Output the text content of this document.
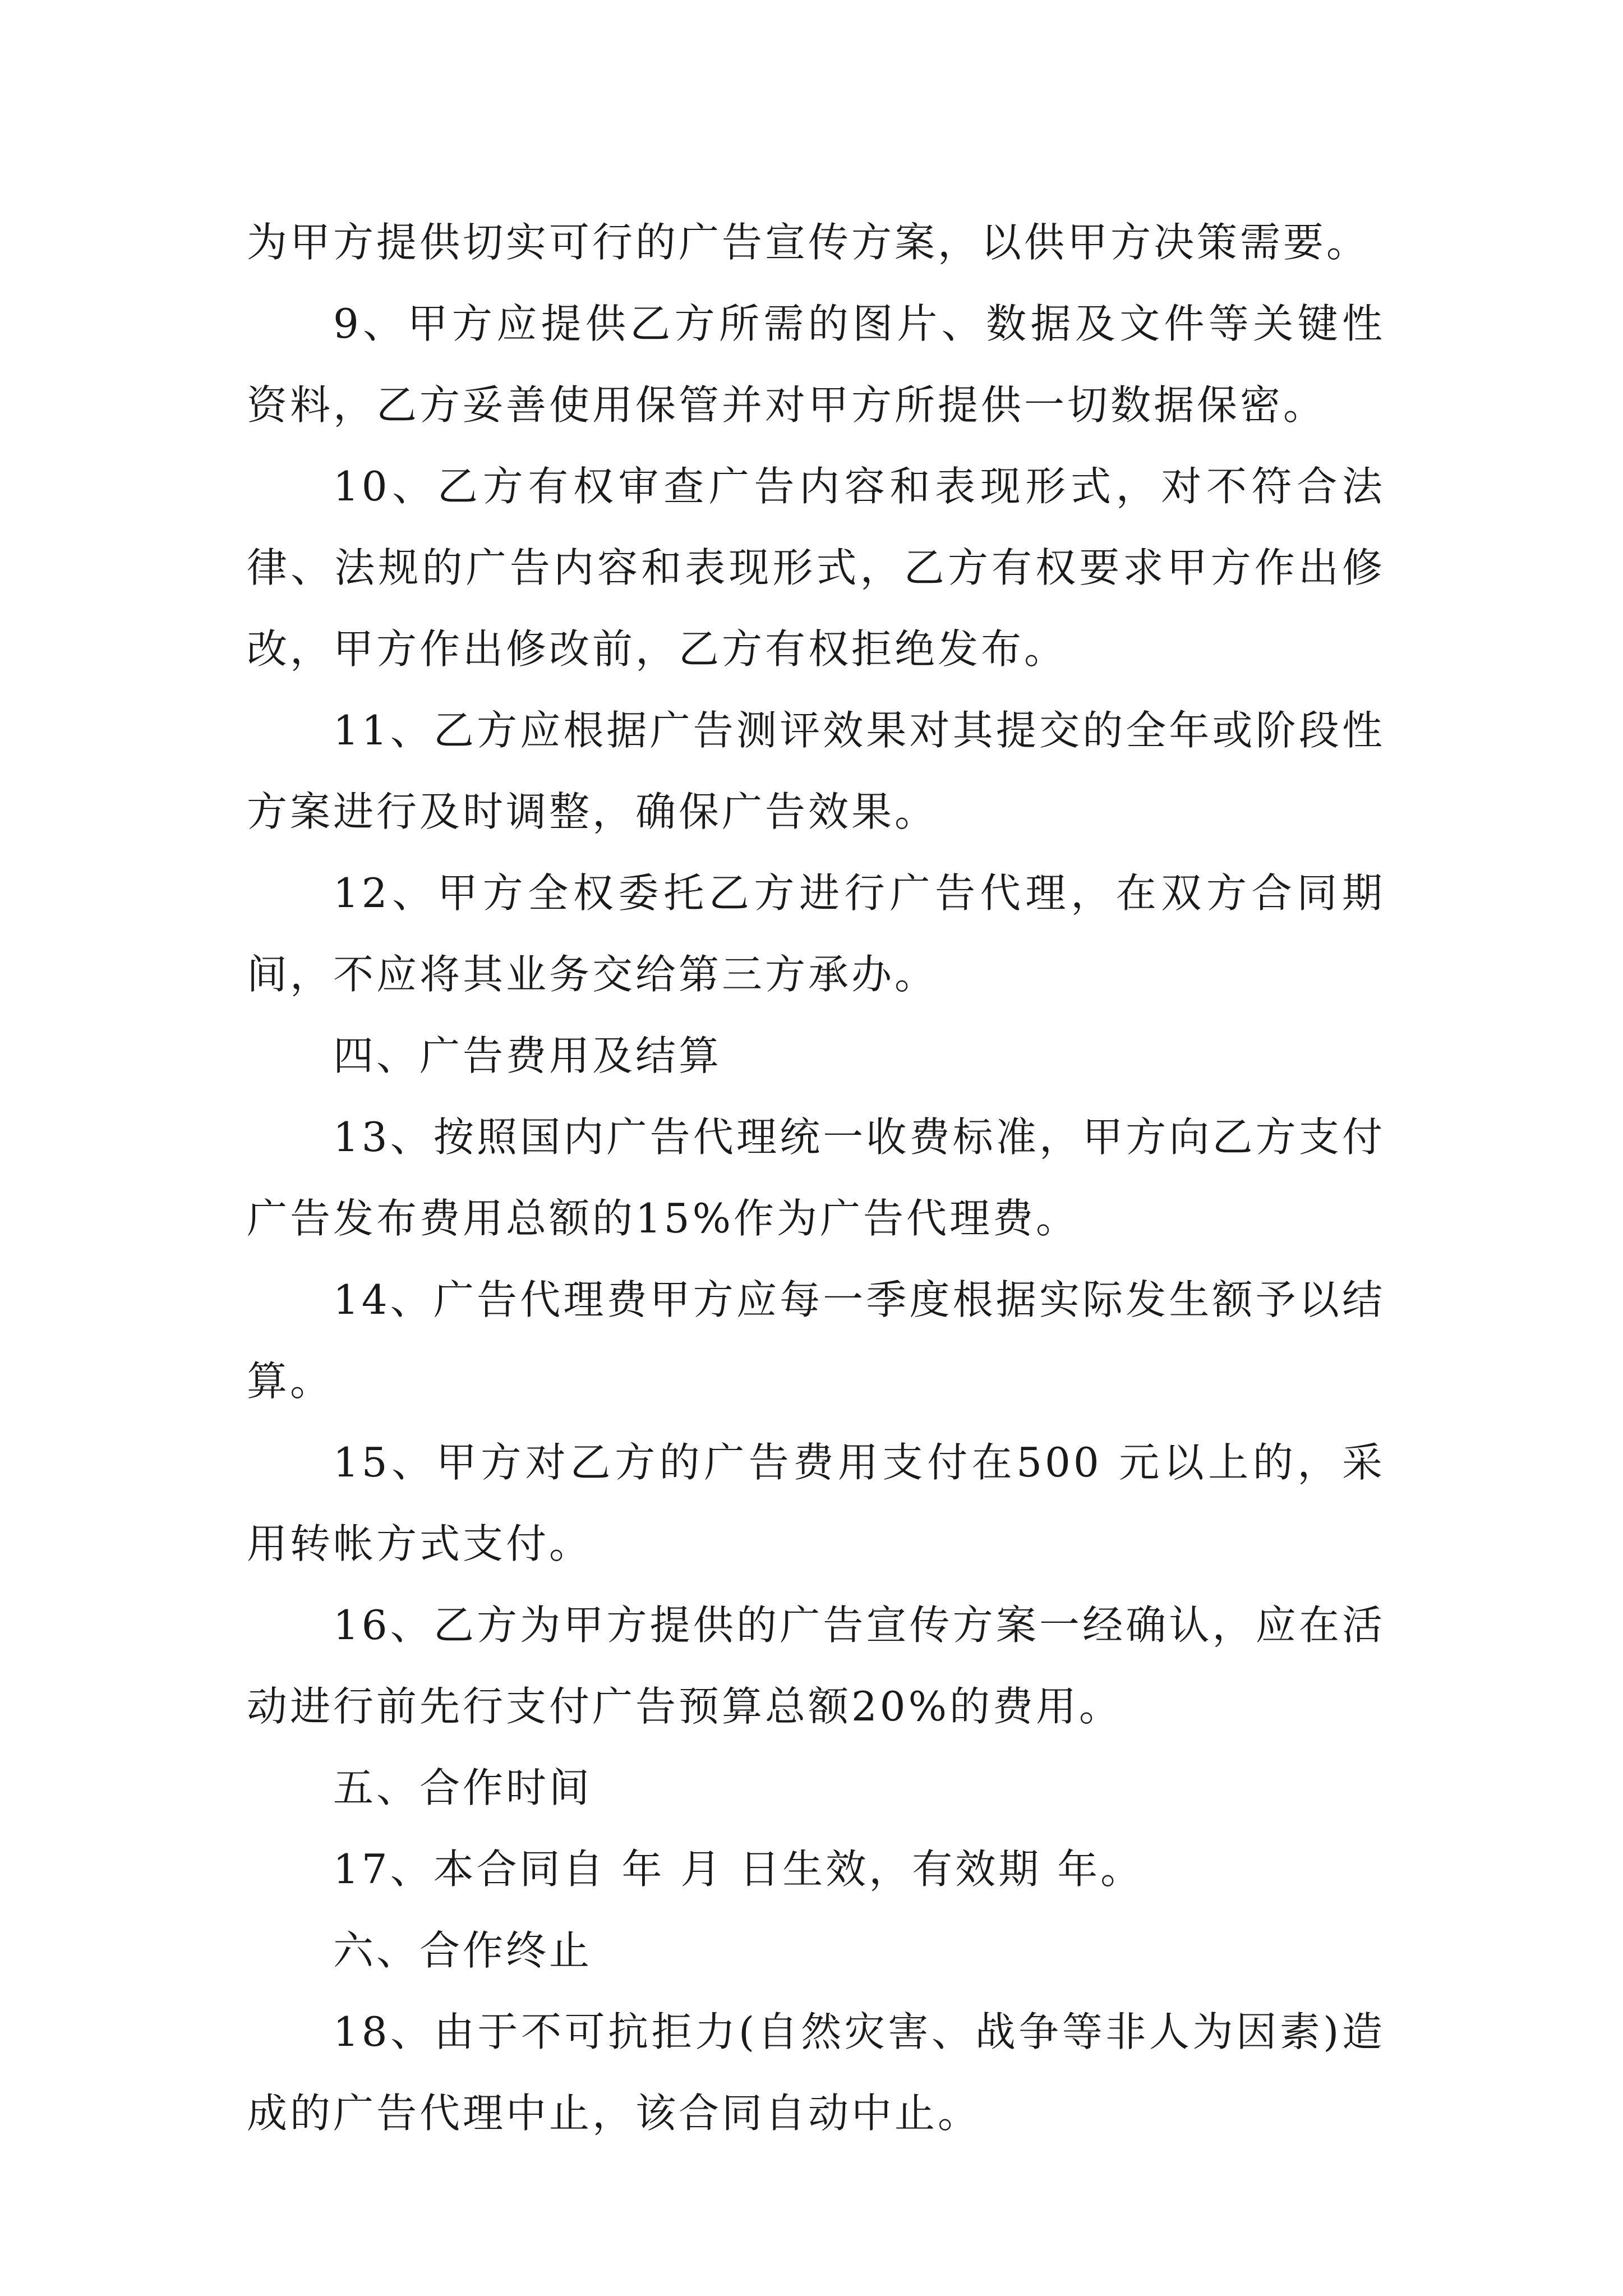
为甲方提供切实可行的广告宣传方案，以供甲方决策需要。

9、甲方应提供乙方所需的图片、数据及文件等关键性资料，乙方妥善使用保管并对甲方所提供一切数据保密。

10、乙方有权审查广告内容和表现形式，对不符合法律、法规的广告内容和表现形式，乙方有权要求甲方作出修改，甲方作出修改前，乙方有权拒绝发布。

11、乙方应根据广告测评效果对其提交的全年或阶段性方案进行及时调整，确保广告效果。

12、甲方全权委托乙方进行广告代理，在双方合同期间，不应将其业务交给第三方承办。

四、广告费用及结算

13、按照国内广告代理统一收费标准，甲方向乙方支付广告发布费用总额的15%作为广告代理费。

14、广告代理费甲方应每一季度根据实际发生额予以结算。

15、甲方对乙方的广告费用支付在500 元以上的，采用转帐方式支付。

16、乙方为甲方提供的广告宣传方案一经确认，应在活动进行前先行支付广告预算总额20%的费用。

五、合作时间

17、本合同自 年 月 日生效，有效期 年。

六、合作终止

18、由于不可抗拒力(自然灾害、战争等非人为因素)造成的广告代理中止，该合同自动中止。
